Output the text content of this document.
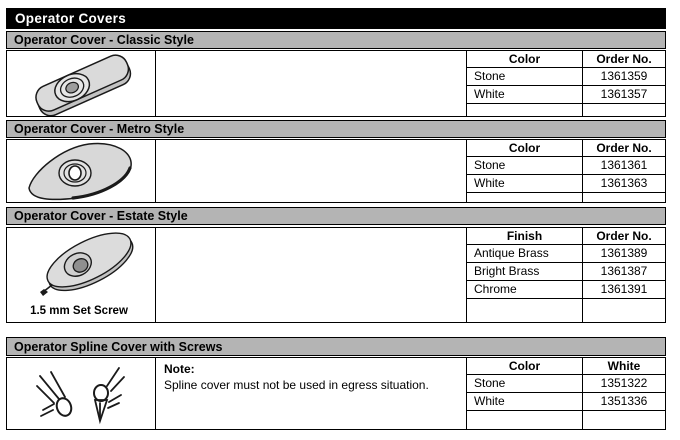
Operator Covers
Operator Cover - Classic Style
Color
Stone
White
Order No.
1361359
1361357
Operator Cover - Metro Style
Color
Stone
White
Order No.
1361361
1361363
Operator Cover - Estate Style
1.5 mm Set Screw
Finish
Antique Brass
Bright Brass
Chrome
Order No.
1361389
1361387
1361391
Operator Spline Cover with Screws
Note:
Spline cover must not be used in egress situation.
Color
Stone
White
White
1351322
1351336
